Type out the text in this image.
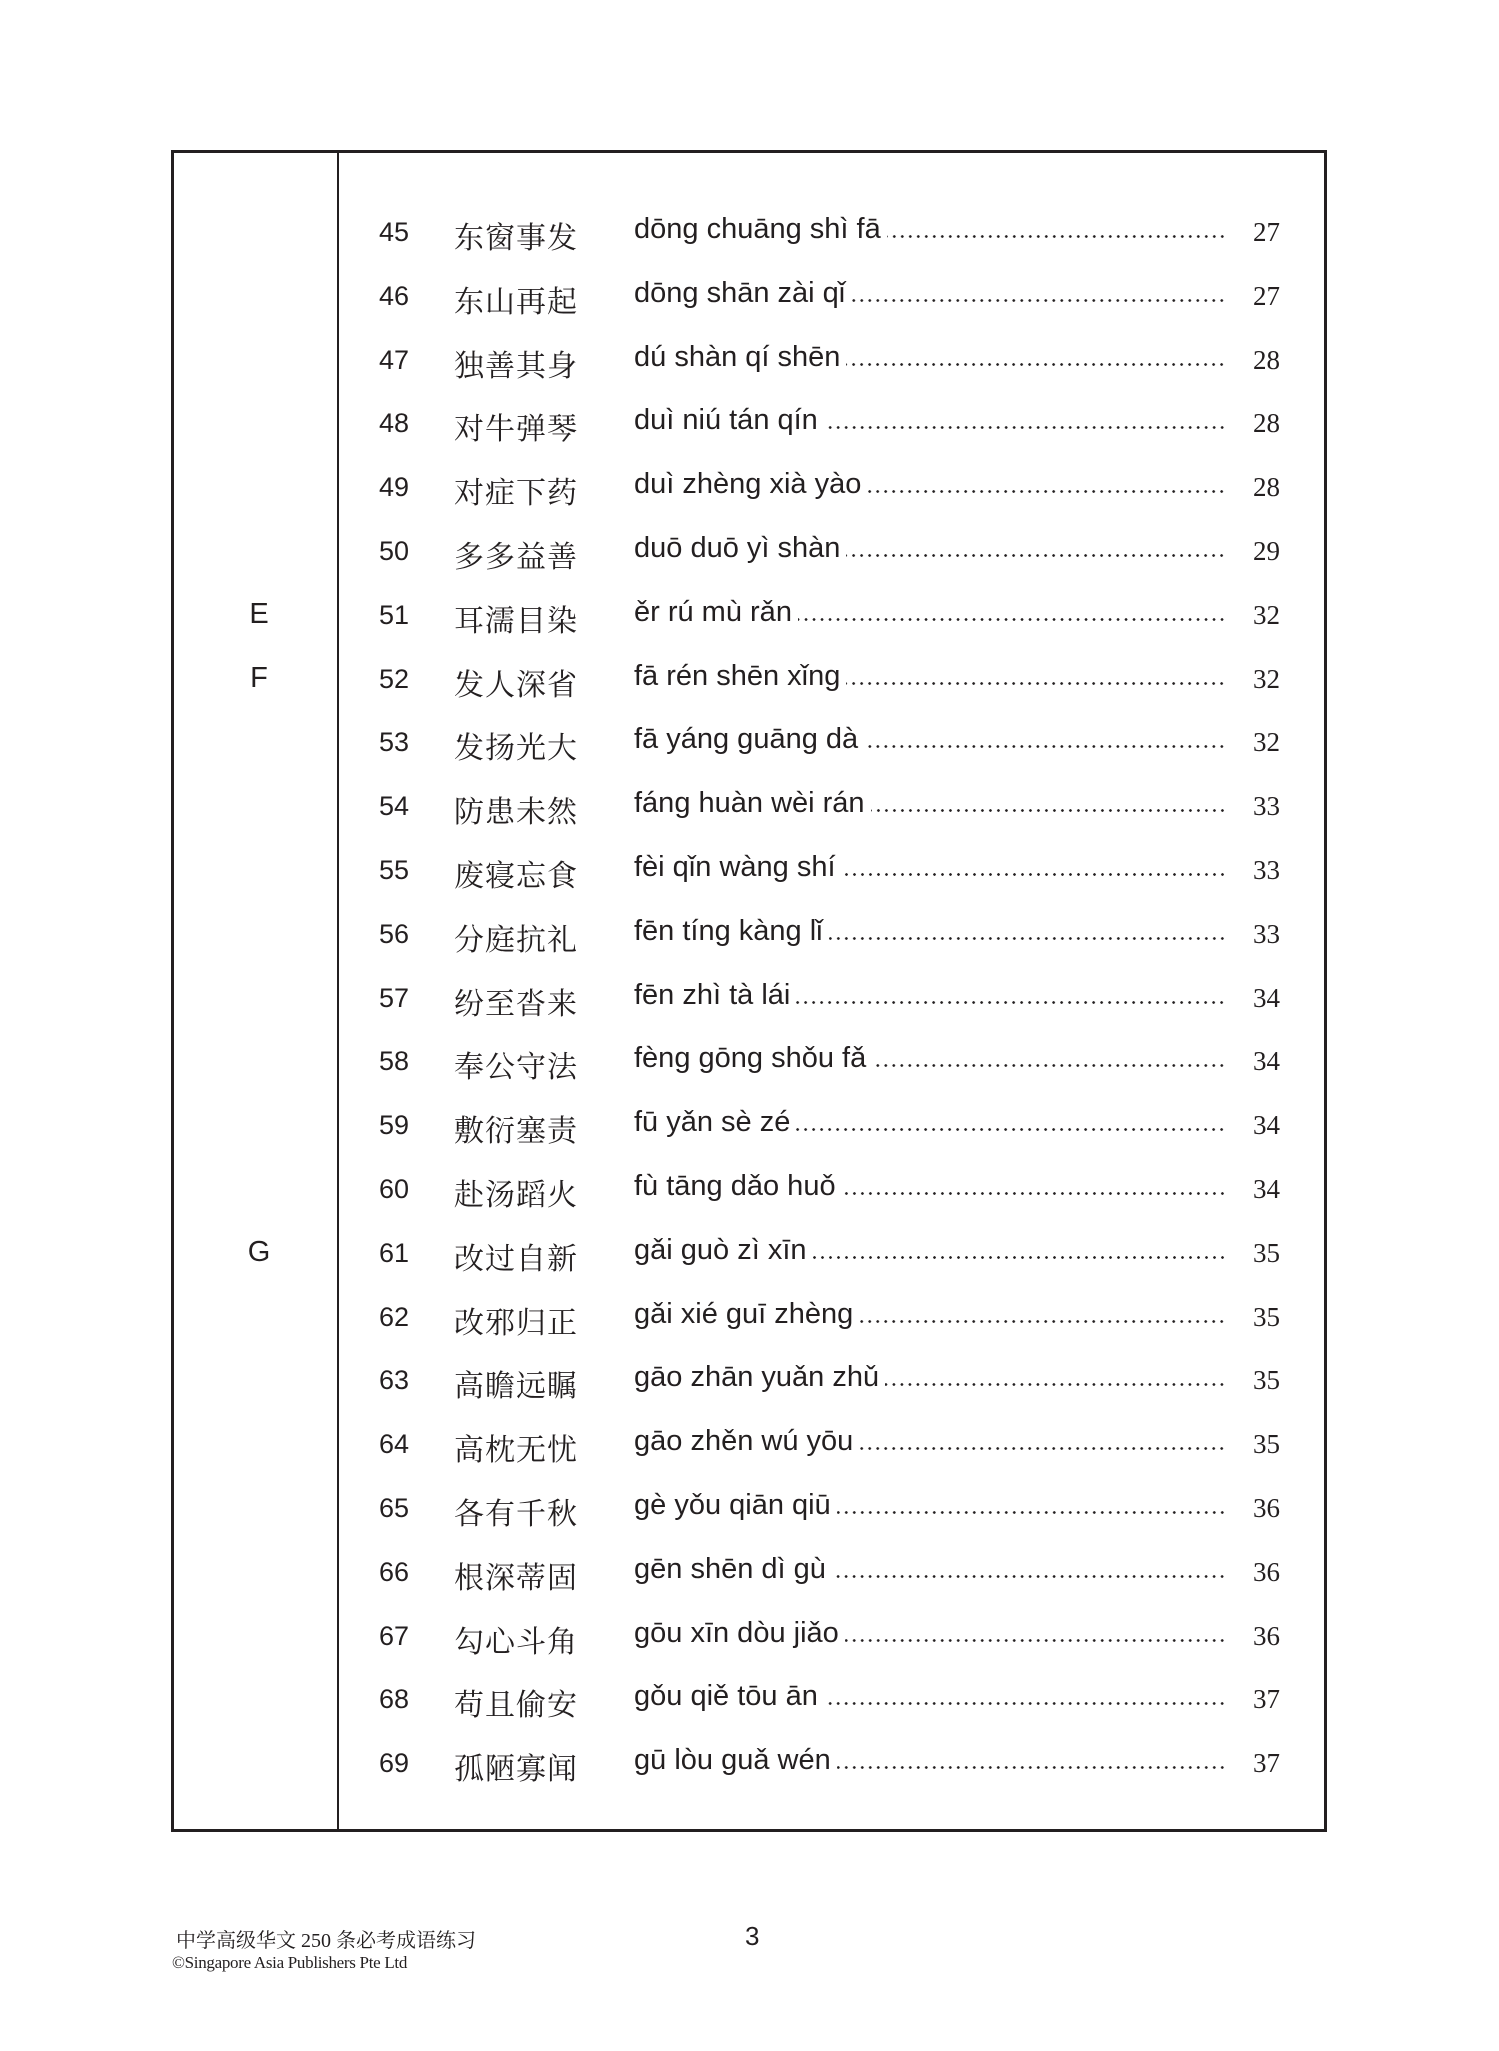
45 东窗事发 dōng chuāng shì fā	27
46 东山再起 dōng shān zài qǐ	27
47 独善其身 dú shàn qí shēn	28
48 对牛弹琴 duì niú tán qín	28
49 对症下药 duì zhèng xià yào	28
50 多多益善 duō duō yì shàn	29
E	51 耳濡目染 ěr rú mù rǎn	32
F	52 发人深省 fā rén shēn xǐng	32
53 发扬光大 fā yáng guāng dà	32
54 防患未然 fáng huàn wèi rán	33
55 废寝忘食 fèi qǐn wàng shí	33
56 分庭抗礼 fēn tíng kàng lǐ	33
57 纷至沓来 fēn zhì tà lái	34
58 奉公守法 fèng gōng shǒu fǎ	34
59 敷衍塞责 fū yǎn sè zé	34
60 赴汤蹈火 fù tāng dǎo huǒ	34
G	61 改过自新 gǎi guò zì xīn	35
62 改邪归正 gǎi xié guī zhèng	35
63 高瞻远瞩 gāo zhān yuǎn zhǔ	35
64 高枕无忧 gāo zhěn wú yōu	35
65 各有千秋 gè yǒu qiān qiū	36
66 根深蒂固 gēn shēn dì gù	36
67 勾心斗角 gōu xīn dòu jiǎo	36
68 苟且偷安 gǒu qiě tōu ān	37
69 孤陋寡闻 gū lòu guǎ wén	37
中学高级华文 250 条必考成语练习
©Singapore Asia Publishers Pte Ltd
3
